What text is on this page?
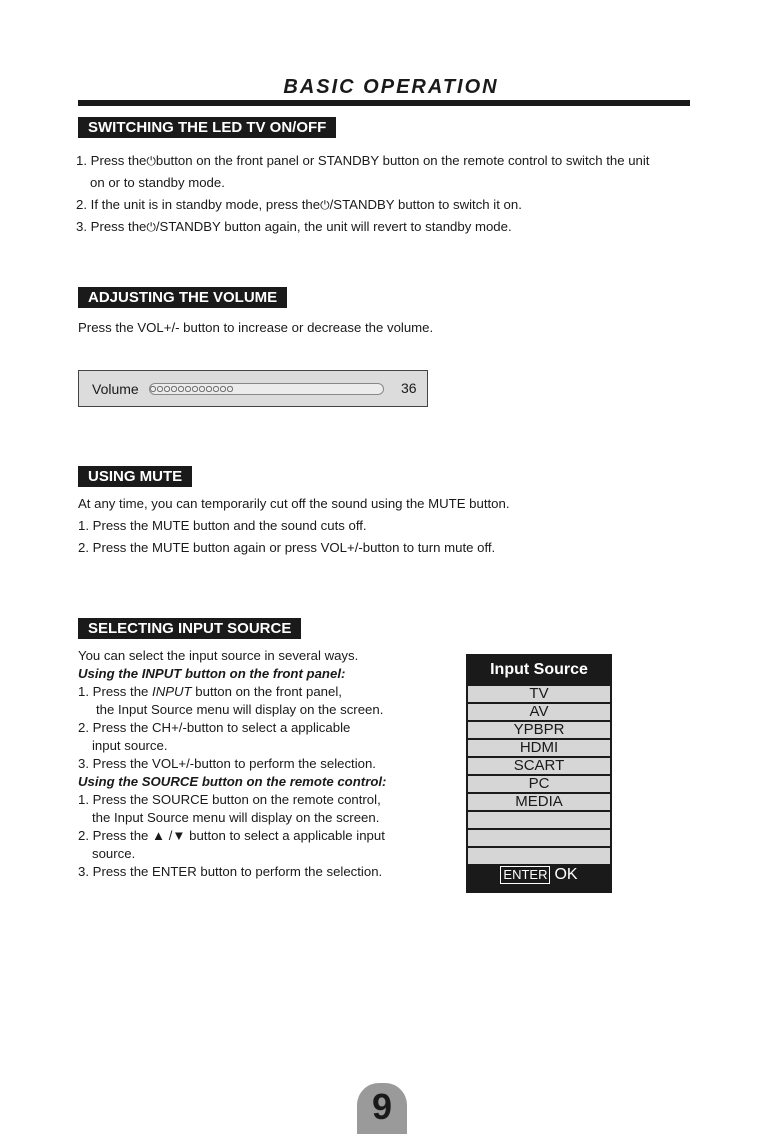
BASIC OPERATION
SWITCHING THE LED TV ON/OFF
1. Press the⏻button on the front panel or STANDBY button on the remote control to switch the unit
on or to standby mode.
2. If the unit is in standby mode, press the⏻/STANDBY button to switch it on.
3. Press the⏻/STANDBY button again, the unit will revert to standby mode.
ADJUSTING THE VOLUME
Press the VOL+/- button to increase or decrease the volume.
Volume	36
USING MUTE
At any time, you can temporarily cut off the sound using the MUTE button.
1. Press the MUTE button and the sound cuts off.
2. Press the MUTE button again or press VOL+/-button to turn mute off.
SELECTING INPUT SOURCE
You can select the input source in several ways.
Using the INPUT button on the front panel:
1. Press the INPUT button on the front panel,
the Input Source menu will display on the screen.
2. Press the CH+/-button to select a applicable
input source.
3. Press the VOL+/-button to perform the selection.
Using the SOURCE button on the remote control:
1. Press the SOURCE button on the remote control,
the Input Source menu will display on the screen.
2. Press the ▲ /▼ button to select a applicable input
source.
3. Press the ENTER button to perform the selection.
Input Source
TV
AV
YPBPR
HDMI
SCART
PC
MEDIA
ENTER OK
9
